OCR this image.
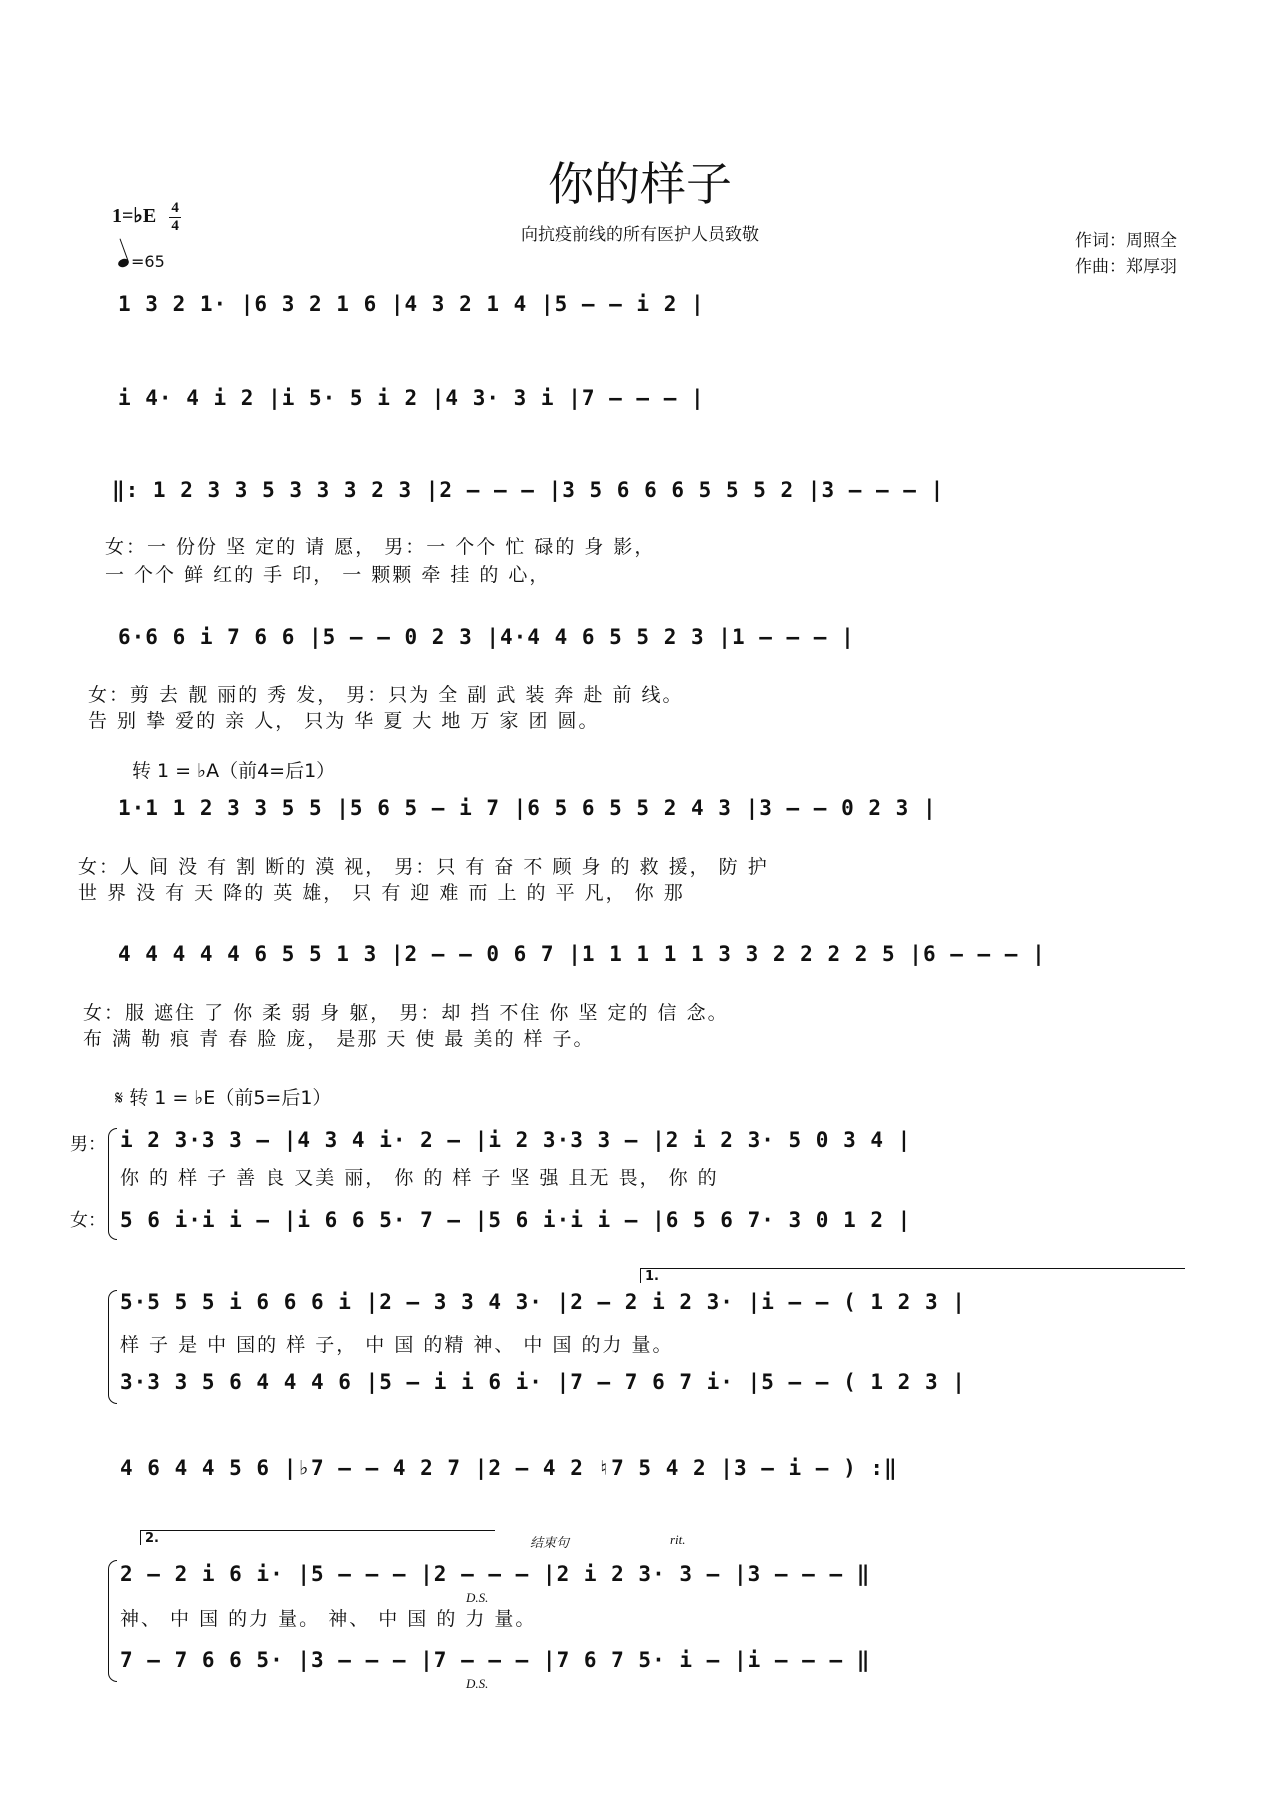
你的样子
向抗疫前线的所有医护人员致敬	作词：周照全
作曲：郑厚羽
1=♭E $\frac{4}{4}$
=65
1 3 2 1· |6 3 2 1 6 |4 3 2 1 4 |5 – – i 2 |
i 4· 4 i 2 |i 5· 5 i 2 |4 3· 3 i |7 – – – |
‖: 1 2 3 3 5 3 3 3 2 3 |2 – – – |3 5 6 6 6 5 5 5 2 |3 – – – |
女：一 份份 坚 定的 请 愿， 男：一 个个 忙 碌的 身 影，
一 个个 鲜 红的 手 印， 一 颗颗 牵 挂 的 心，
6·6 6 i 7 6 6 |5 – – 0 2 3 |4·4 4 6 5 5 2 3 |1 – – – |
女：剪 去 靓 丽的 秀 发， 男：只为 全 副 武 装 奔 赴 前 线。
告 别 挚 爱的 亲 人， 只为 华 夏 大 地 万 家 团 圆。
转 1 = ♭A（前4=后1）
1·1 1 2 3 3 5 5 |5 6 5 – i 7 |6 5 6 5 5 2 4 3 |3 – – 0 2 3 |
女：人 间 没 有 割 断的 漠 视， 男：只 有 奋 不 顾 身 的 救 援， 防 护
世 界 没 有 天 降的 英 雄， 只 有 迎 难 而 上 的 平 凡， 你 那
4 4 4 4 4 6 5 5 1 3 |2 – – 0 6 7 |1 1 1 1 1 3 3 2 2 2 2 5 |6 – – – |
女：服 遮住 了 你 柔 弱 身 躯， 男：却 挡 不住 你 坚 定的 信 念。
布 满 勒 痕 青 春 脸 庞， 是那 天 使 最 美的 样 子。
𝄋 转 1 = ♭E（前5=后1）
男：
女：
i 2 3·3 3 – |4 3 4 i· 2 – |i 2 3·3 3 – |2 i 2 3· 5 0 3 4 |
你 的 样 子 善 良 又美 丽， 你 的 样 子 坚 强 且无 畏， 你 的
5 6 i·i i – |i 6 6 5· 7 – |5 6 i·i i – |6 5 6 7· 3 0 1 2 |
1.
5·5 5 5 i 6 6 6 i |2 – 3 3 4 3· |2 – 2 i 2 3· |i – – ( 1 2 3 |
样 子 是 中 国的 样 子， 中 国 的精 神、 中 国 的力 量。
3·3 3 5 6 4 4 4 6 |5 – i i 6 i· |7 – 7 6 7 i· |5 – – ( 1 2 3 |
4 6 4 4 5 6 |♭7 – – 4 2 7 |2 – 4 2 ♮7 5 4 2 |3 – i – ) :‖
2.	结束句	rit.
2 – 2 i 6 i· |5 – – – |2 – – – |2 i 2 3· 3 – |3 – – – ‖
D.S.
神、 中 国 的力 量。 神、 中 国 的 力 量。
7 – 7 6 6 5· |3 – – – |7 – – – |7 6 7 5· i – |i – – – ‖
D.S.
